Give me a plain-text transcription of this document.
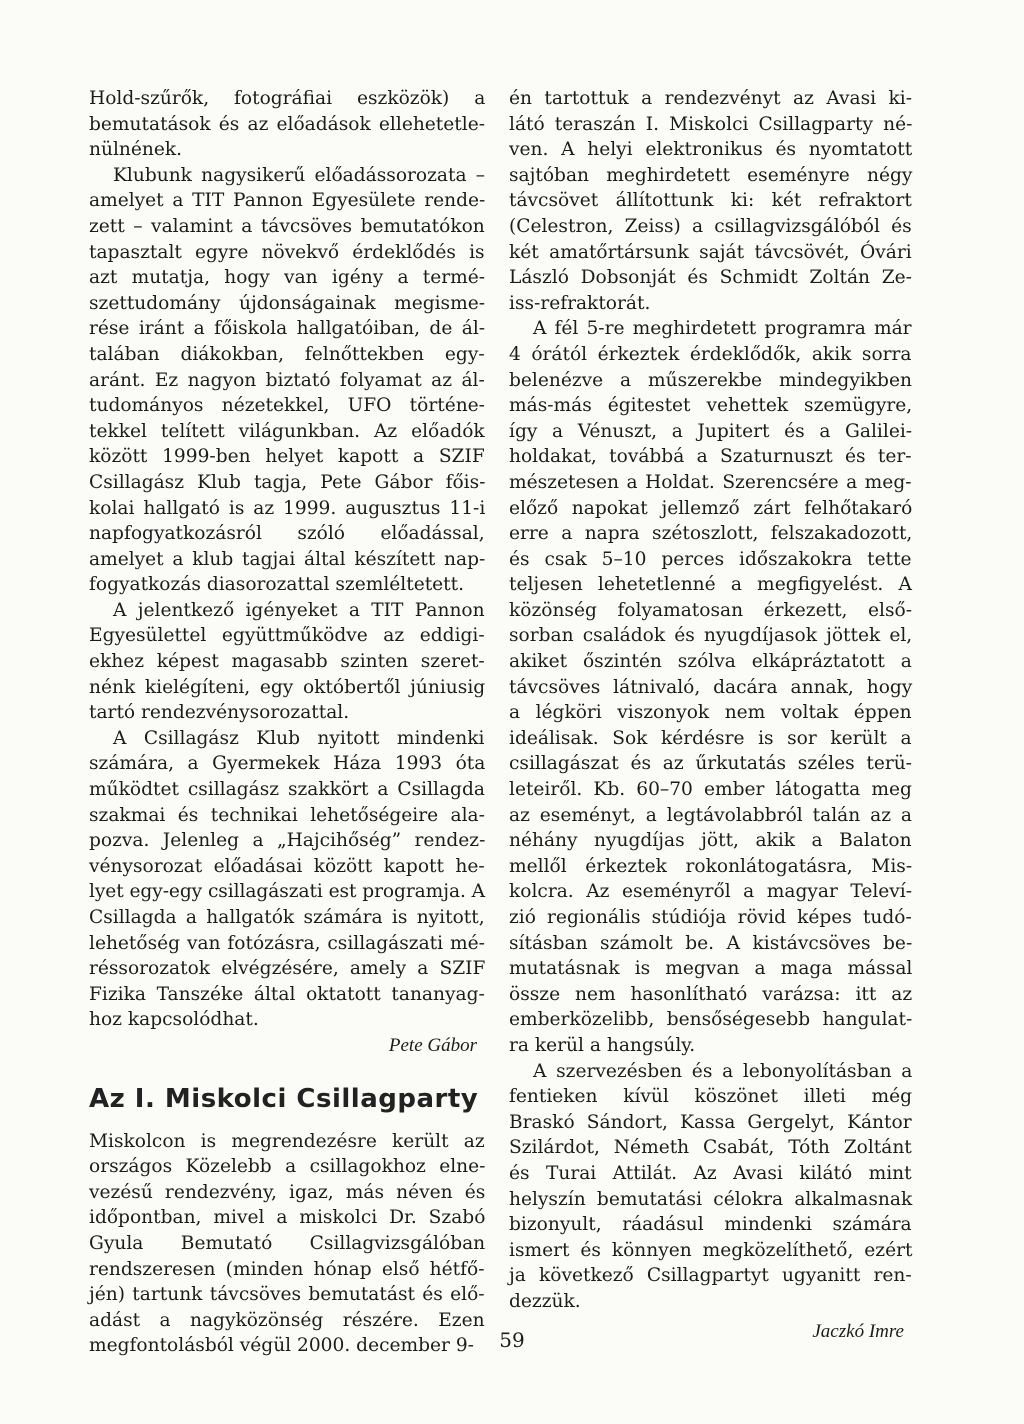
Hold-szűrők, fotográfiai eszközök) a
bemutatások és az előadások ellehetetle-
nülnének.
Klubunk nagysikerű előadássorozata –
amelyet a TIT Pannon Egyesülete rende-
zett – valamint a távcsöves bemutatókon
tapasztalt egyre növekvő érdeklődés is
azt mutatja, hogy van igény a termé-
szettudomány újdonságainak megisme-
rése iránt a főiskola hallgatóiban, de ál-
talában diákokban, felnőttekben egy-
aránt. Ez nagyon biztató folyamat az ál-
tudományos nézetekkel, UFO történe-
tekkel telített világunkban. Az előadók
között 1999-ben helyet kapott a SZIF
Csillagász Klub tagja, Pete Gábor főis-
kolai hallgató is az 1999. augusztus 11-i
napfogyatkozásról szóló előadással,
amelyet a klub tagjai által készített nap-
fogyatkozás diasorozattal szemléltetett.
A jelentkező igényeket a TIT Pannon
Egyesülettel együttműködve az eddigi-
ekhez képest magasabb szinten szeret-
nénk kielégíteni, egy októbertől júniusig
tartó rendezvénysorozattal.
A Csillagász Klub nyitott mindenki
számára, a Gyermekek Háza 1993 óta
működtet csillagász szakkört a Csillagda
szakmai és technikai lehetőségeire ala-
pozva. Jelenleg a „Hajcihőség” rendez-
vénysorozat előadásai között kapott he-
lyet egy-egy csillagászati est programja. A
Csillagda a hallgatók számára is nyitott,
lehetőség van fotózásra, csillagászati mé-
réssorozatok elvégzésére, amely a SZIF
Fizika Tanszéke által oktatott tananyag-
hoz kapcsolódhat.
Pete Gábor
Az I. Miskolci Csillagparty
Miskolcon is megrendezésre került az
országos Közelebb a csillagokhoz elne-
vezésű rendezvény, igaz, más néven és
időpontban, mivel a miskolci Dr. Szabó
Gyula Bemutató Csillagvizsgálóban
rendszeresen (minden hónap első hétfő-
jén) tartunk távcsöves bemutatást és elő-
adást a nagyközönség részére. Ezen
megfontolásból végül 2000. december 9-
én tartottuk a rendezvényt az Avasi ki-
látó teraszán I. Miskolci Csillagparty né-
ven. A helyi elektronikus és nyomtatott
sajtóban meghirdetett eseményre négy
távcsövet állítottunk ki: két refraktort
(Celestron, Zeiss) a csillagvizsgálóból és
két amatőrtársunk saját távcsövét, Óvári
László Dobsonját és Schmidt Zoltán Ze-
iss-refraktorát.
A fél 5-re meghirdetett programra már
4 órától érkeztek érdeklődők, akik sorra
belenézve a műszerekbe mindegyikben
más-más égitestet vehettek szemügyre,
így a Vénuszt, a Jupitert és a Galilei-
holdakat, továbbá a Szaturnuszt és ter-
mészetesen a Holdat. Szerencsére a meg-
előző napokat jellemző zárt felhőtakaró
erre a napra szétoszlott, felszakadozott,
és csak 5–10 perces időszakokra tette
teljesen lehetetlenné a megfigyelést. A
közönség folyamatosan érkezett, első-
sorban családok és nyugdíjasok jöttek el,
akiket őszintén szólva elkápráztatott a
távcsöves látnivaló, dacára annak, hogy
a légköri viszonyok nem voltak éppen
ideálisak. Sok kérdésre is sor került a
csillagászat és az űrkutatás széles terü-
leteiről. Kb. 60–70 ember látogatta meg
az eseményt, a legtávolabbról talán az a
néhány nyugdíjas jött, akik a Balaton
mellől érkeztek rokonlátogatásra, Mis-
kolcra. Az eseményről a magyar Televí-
zió regionális stúdiója rövid képes tudó-
sításban számolt be. A kistávcsöves be-
mutatásnak is megvan a maga mással
össze nem hasonlítható varázsa: itt az
emberközelibb, bensőségesebb hangulat-
ra kerül a hangsúly.
A szervezésben és a lebonyolításban a
fentieken kívül köszönet illeti még
Braskó Sándort, Kassa Gergelyt, Kántor
Szilárdot, Németh Csabát, Tóth Zoltánt
és Turai Attilát. Az Avasi kilátó mint
helyszín bemutatási célokra alkalmasnak
bizonyult, ráadásul mindenki számára
ismert és könnyen megközelíthető, ezért
ja következő Csillagpartyt ugyanitt ren-
dezzük.
Jaczkó Imre
59
